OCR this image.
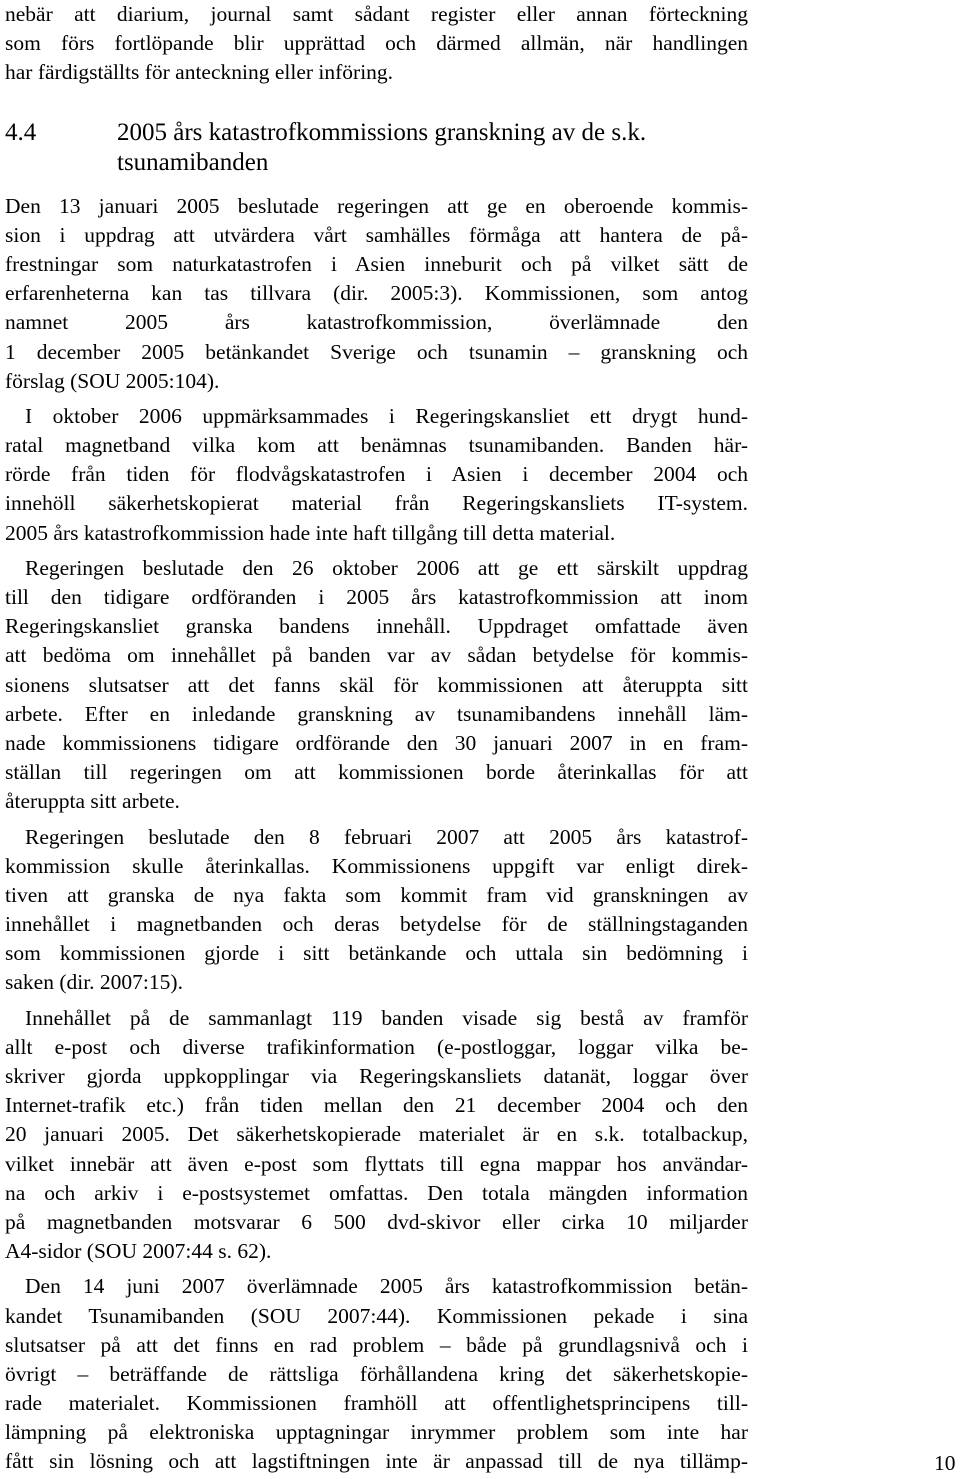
nebär att diarium, journal samt sådant register eller annan förteckning
som förs fortlöpande blir upprättad och därmed allmän, när handlingen
har färdigställts för anteckning eller införing.
4.4	2005 års katastrofkommissions granskning av de s.k.
tsunamibanden
Den 13 januari 2005 beslutade regeringen att ge en oberoende kommis-
sion i uppdrag att utvärdera vårt samhälles förmåga att hantera de på-
frestningar som naturkatastrofen i Asien inneburit och på vilket sätt de
erfarenheterna kan tas tillvara (dir. 2005:3). Kommissionen, som antog
namnet 2005 års katastrofkommission, överlämnade den
1 december 2005 betänkandet Sverige och tsunamin – granskning och
förslag (SOU 2005:104).
I oktober 2006 uppmärksammades i Regeringskansliet ett drygt hund-
ratal magnetband vilka kom att benämnas tsunamibanden. Banden här-
rörde från tiden för flodvågskatastrofen i Asien i december 2004 och
innehöll säkerhetskopierat material från Regeringskansliets IT-system.
2005 års katastrofkommission hade inte haft tillgång till detta material.
Regeringen beslutade den 26 oktober 2006 att ge ett särskilt uppdrag
till den tidigare ordföranden i 2005 års katastrofkommission att inom
Regeringskansliet granska bandens innehåll. Uppdraget omfattade även
att bedöma om innehållet på banden var av sådan betydelse för kommis-
sionens slutsatser att det fanns skäl för kommissionen att återuppta sitt
arbete. Efter en inledande granskning av tsunamibandens innehåll läm-
nade kommissionens tidigare ordförande den 30 januari 2007 in en fram-
ställan till regeringen om att kommissionen borde återinkallas för att
återuppta sitt arbete.
Regeringen beslutade den 8 februari 2007 att 2005 års katastrof-
kommission skulle återinkallas. Kommissionens uppgift var enligt direk-
tiven att granska de nya fakta som kommit fram vid granskningen av
innehållet i magnetbanden och deras betydelse för de ställningstaganden
som kommissionen gjorde i sitt betänkande och uttala sin bedömning i
saken (dir. 2007:15).
Innehållet på de sammanlagt 119 banden visade sig bestå av framför
allt e-post och diverse trafikinformation (e-postloggar, loggar vilka be-
skriver gjorda uppkopplingar via Regeringskansliets datanät, loggar över
Internet-trafik etc.) från tiden mellan den 21 december 2004 och den
20 januari 2005. Det säkerhetskopierade materialet är en s.k. totalbackup,
vilket innebär att även e-post som flyttats till egna mappar hos användar-
na och arkiv i e-postsystemet omfattas. Den totala mängden information
på magnetbanden motsvarar 6 500 dvd-skivor eller cirka 10 miljarder
A4-sidor (SOU 2007:44 s. 62).
Den 14 juni 2007 överlämnade 2005 års katastrofkommission betän-
kandet Tsunamibanden (SOU 2007:44). Kommissionen pekade i sina
slutsatser på att det finns en rad problem – både på grundlagsnivå och i
övrigt – beträffande de rättsliga förhållandena kring det säkerhetskopie-
rade materialet. Kommissionen framhöll att offentlighetsprincipens till-
lämpning på elektroniska upptagningar inrymmer problem som inte har
fått sin lösning och att lagstiftningen inte är anpassad till de nya tillämp-	10
